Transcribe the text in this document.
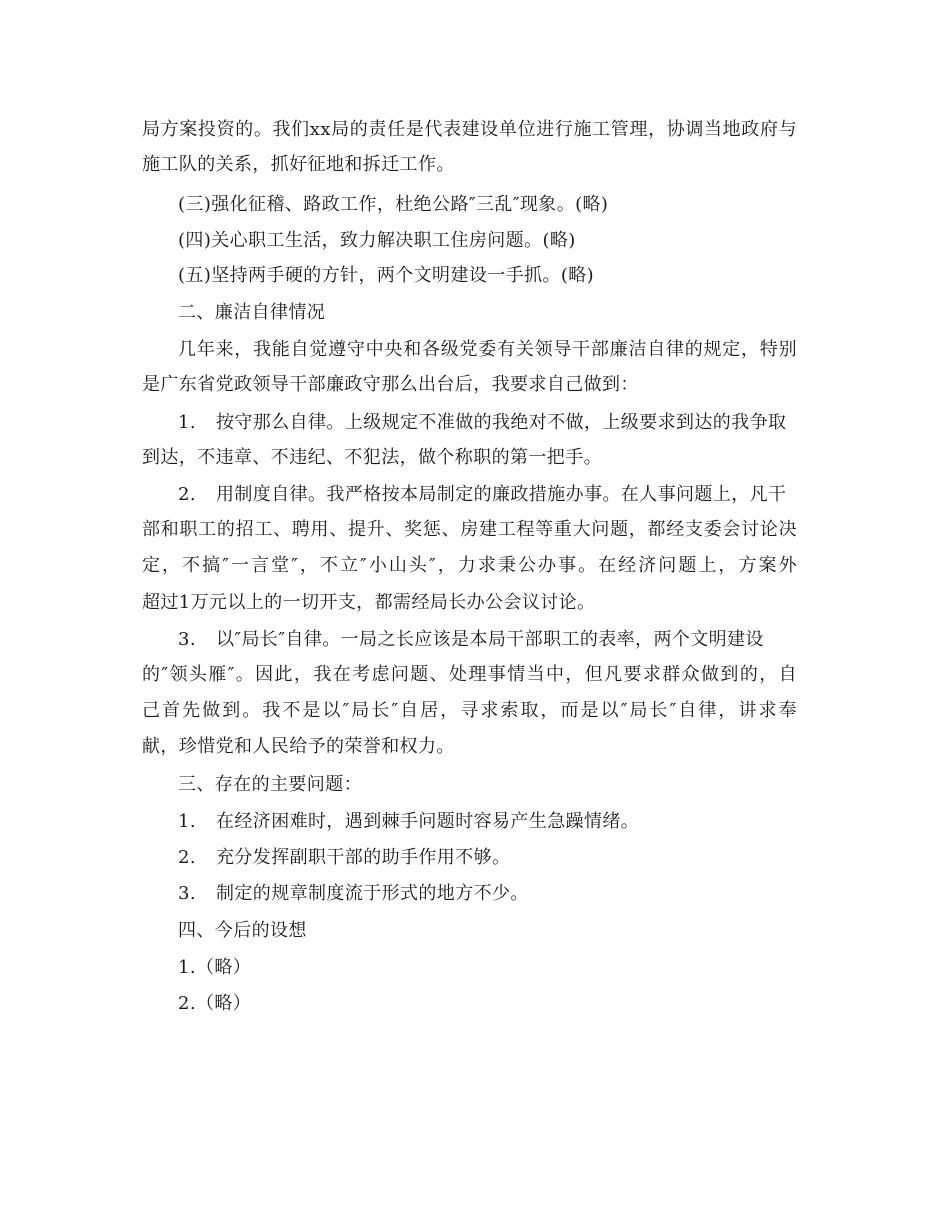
局方案投资的。我们xx局的责任是代表建设单位进行施工管理，协调当地政府与
施工队的关系，抓好征地和拆迁工作。
(三)强化征稽、路政工作，杜绝公路″三乱″现象。(略)
(四)关心职工生活，致力解决职工住房问题。(略)
(五)坚持两手硬的方针，两个文明建设一手抓。(略)
二、廉洁自律情况
几年来，我能自觉遵守中央和各级党委有关领导干部廉洁自律的规定，特别
是广东省党政领导干部廉政守那么出台后，我要求自己做到：
1. 按守那么自律。上级规定不准做的我绝对不做，上级要求到达的我争取
到达，不违章、不违纪、不犯法，做个称职的第一把手。
2. 用制度自律。我严格按本局制定的廉政措施办事。在人事问题上，凡干
部和职工的招工、聘用、提升、奖惩、房建工程等重大问题，都经支委会讨论决
定，不搞″一言堂″，不立″小山头″，力求秉公办事。在经济问题上，方案外
超过1万元以上的一切开支，都需经局长办公会议讨论。
3. 以″局长″自律。一局之长应该是本局干部职工的表率，两个文明建设
的″领头雁″。因此，我在考虑问题、处理事情当中，但凡要求群众做到的，自
己首先做到。我不是以″局长″自居，寻求索取，而是以″局长″自律，讲求奉
献，珍惜党和人民给予的荣誉和权力。
三、存在的主要问题：
1. 在经济困难时，遇到棘手问题时容易产生急躁情绪。
2. 充分发挥副职干部的助手作用不够。
3. 制定的规章制度流于形式的地方不少。
四、今后的设想
1.（略）
2.（略）
